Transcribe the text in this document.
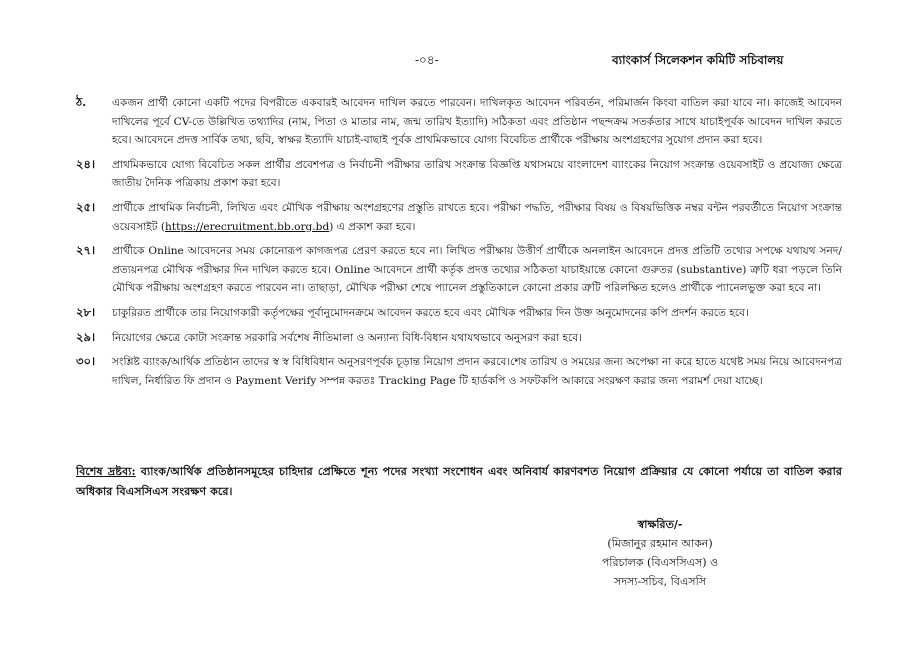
-০৪-	ব্যাংকার্স সিলেকশন কমিটি সচিবালয়
ঠ. একজন প্রার্থী কোনো একটি পদের বিপরীতে একবারই আবেদন দাখিল করতে পারবেন। দাখিলকৃত আবেদন পরিবর্তন, পরিমার্জন কিংবা বাতিল করা যাবে না। কাজেই আবেদন দাখিলের পূর্বে CV-তে উল্লিখিত তথ্যাদির (নাম, পিতা ও মাতার নাম, জন্ম তারিখ ইত্যাদি) সঠিকতা এবং প্রতিষ্ঠান পছন্দক্রম সতর্কতার সাথে যাচাইপূর্বক আবেদন দাখিল করতে হবে। আবেদনে প্রদত্ত সার্বিক তথ্য, ছবি, স্বাক্ষর ইত্যাদি যাচাই-বাছাই পূর্বক প্রাথমিকভাবে যোগ্য বিবেচিত প্রার্থীকে পরীক্ষায় অংশগ্রহণের সুযোগ প্রদান করা হবে।
২৪। প্রাথমিকভাবে যোগ্য বিবেচিত সকল প্রার্থীর প্রবেশপত্র ও নির্বাচনী পরীক্ষার তারিখ সংক্রান্ত বিজ্ঞপ্তি যথাসময়ে বাংলাদেশ ব্যাংকের নিয়োগ সংক্রান্ত ওয়েবসাইট ও প্রযোজ্য ক্ষেত্রে জাতীয় দৈনিক পত্রিকায় প্রকাশ করা হবে।
২৫। প্রার্থীকে প্রাথমিক নির্বাচনী, লিখিত এবং মৌখিক পরীক্ষায় অংশগ্রহণের প্রস্তুতি রাখতে হবে। পরীক্ষা পদ্ধতি, পরীক্ষার বিষয় ও বিষয়ভিত্তিক নম্বর বন্টন পরবর্তীতে নিয়োগ সংক্রান্ত ওয়েবসাইট (https://erecruitment.bb.org.bd) এ প্রকাশ করা হবে।
২৭। প্রার্থীকে Online আবেদনের সময় কোনোরূপ কাগজপত্র প্রেরণ করতে হবে না। লিখিত পরীক্ষায় উত্তীর্ণ প্রার্থীকে অনলাইন আবেদনে প্রদত্ত প্রতিটি তথ্যের সপক্ষে যথাযথ সনদ/প্রত্যয়নপত্র মৌখিক পরীক্ষার দিন দাখিল করতে হবে। Online আবেদনে প্রার্থী কর্তৃক প্রদত্ত তথ্যের সঠিকতা যাচাইয়ান্তে কোনো গুরুতর (substantive) ত্রুটি ধরা পড়লে তিনি মৌখিক পরীক্ষায় অংশগ্রহণ করতে পারবেন না। তাছাড়া, মৌখিক পরীক্ষা শেষে প্যানেল প্রস্তুতিকালে কোনো প্রকার ত্রুটি পরিলক্ষিত হলেও প্রার্থীকে প্যানেলভুক্ত করা হবে না।
২৮। চাকুরিরত প্রার্থীকে তার নিয়োগকারী কর্তৃপক্ষের পূর্বানুমোদনক্রমে আবেদন করতে হবে এবং মৌখিক পরীক্ষার দিন উক্ত অনুমোদনের কপি প্রদর্শন করতে হবে।
২৯। নিয়োগের ক্ষেত্রে কোটা সংক্রান্ত সরকারি সর্বশেষ নীতিমালা ও অন্যান্য বিধি-বিধান যথাযথভাবে অনুসরণ করা হবে।
৩০। সংশ্লিষ্ট ব্যাংক/আর্থিক প্রতিষ্ঠান তাদের স্ব স্ব বিধিবিধান অনুসরণপূর্বক চূড়ান্ত নিয়োগ প্রদান করবে।শেষ তারিখ ও সময়ের জন্য অপেক্ষা না করে হাতে যথেষ্ট সময় নিয়ে আবেদনপত্র দাখিল, নির্ধারিত ফি প্রদান ও Payment Verify সম্পন্ন করতঃ Tracking Page টি হার্ডকপি ও সফটকপি আকারে সংরক্ষণ করার জন্য পরামর্শ দেয়া যাচ্ছে।
বিশেষ দ্রষ্টব্য: ব্যাংক/আর্থিক প্রতিষ্ঠানসমূহের চাহিদার প্রেক্ষিতে শূন্য পদের সংখ্যা সংশোধন এবং অনিবার্য কারণবশত নিয়োগ প্রক্রিয়ার যে কোনো পর্যায়ে তা বাতিল করার অধিকার বিএসসিএস সংরক্ষণ করে।
স্বাক্ষরিত/-
(মিজানুর রহমান আকন)
পরিচালক (বিএসসিএস) ও
সদস্য-সচিব, বিএসসি
